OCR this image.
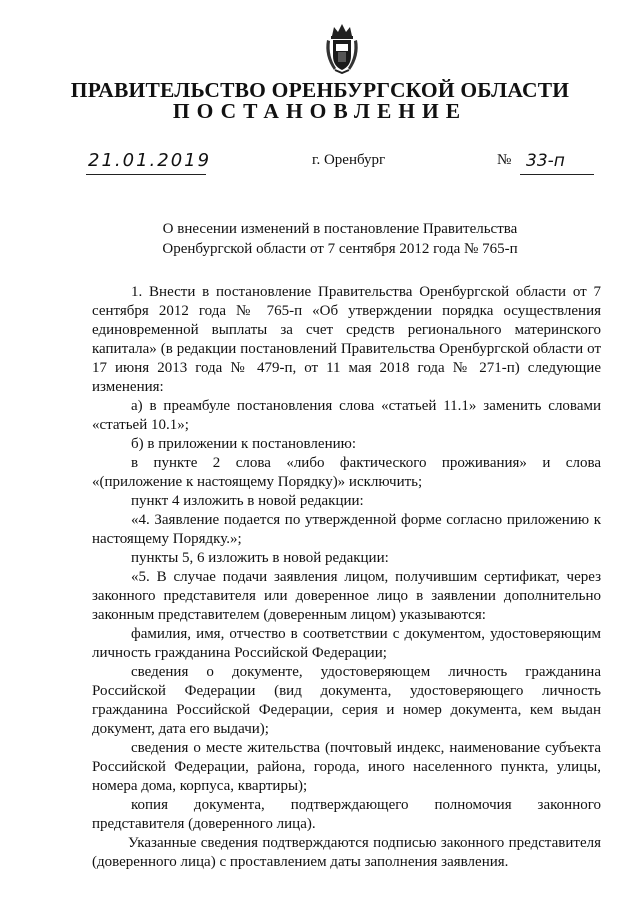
ПРАВИТЕЛЬСТВО ОРЕНБУРГСКОЙ ОБЛАСТИ
ПОСТАНОВЛЕНИЕ
21.01.2019	г. Оренбург	№ 33-п
О внесении изменений в постановление Правительства
Оренбургской области от 7 сентября 2012 года № 765-п

1. Внести в постановление Правительства Оренбургской области от 7 сентября 2012 года № 765-п «Об утверждении порядка осуществления единовременной выплаты за счет средств регионального материнского капитала» (в редакции постановлений Правительства Оренбургской области от 17 июня 2013 года № 479-п, от 11 мая 2018 года № 271-п) следующие изменения:

а) в преамбуле постановления слова «статьей 11.1» заменить словами «статьей 10.1»;

б) в приложении к постановлению:

в пункте 2 слова «либо фактического проживания» и слова «(приложение к настоящему Порядку)» исключить;

пункт 4 изложить в новой редакции:

«4. Заявление подается по утвержденной форме согласно приложению к настоящему Порядку.»;

пункты 5, 6 изложить в новой редакции:

«5. В случае подачи заявления лицом, получившим сертификат, через законного представителя или доверенное лицо в заявлении дополнительно законным представителем (доверенным лицом) указываются:

фамилия, имя, отчество в соответствии с документом, удостоверяющим личность гражданина Российской Федерации;

сведения о документе, удостоверяющем личность гражданина Российской Федерации (вид документа, удостоверяющего личность гражданина Российской Федерации, серия и номер документа, кем выдан документ, дата его выдачи);

сведения о месте жительства (почтовый индекс, наименование субъекта Российской Федерации, района, города, иного населенного пункта, улицы, номера дома, корпуса, квартиры);

копия документа, подтверждающего полномочия законного представителя (доверенного лица).

Указанные сведения подтверждаются подписью законного представителя (доверенного лица) с проставлением даты заполнения заявления.
